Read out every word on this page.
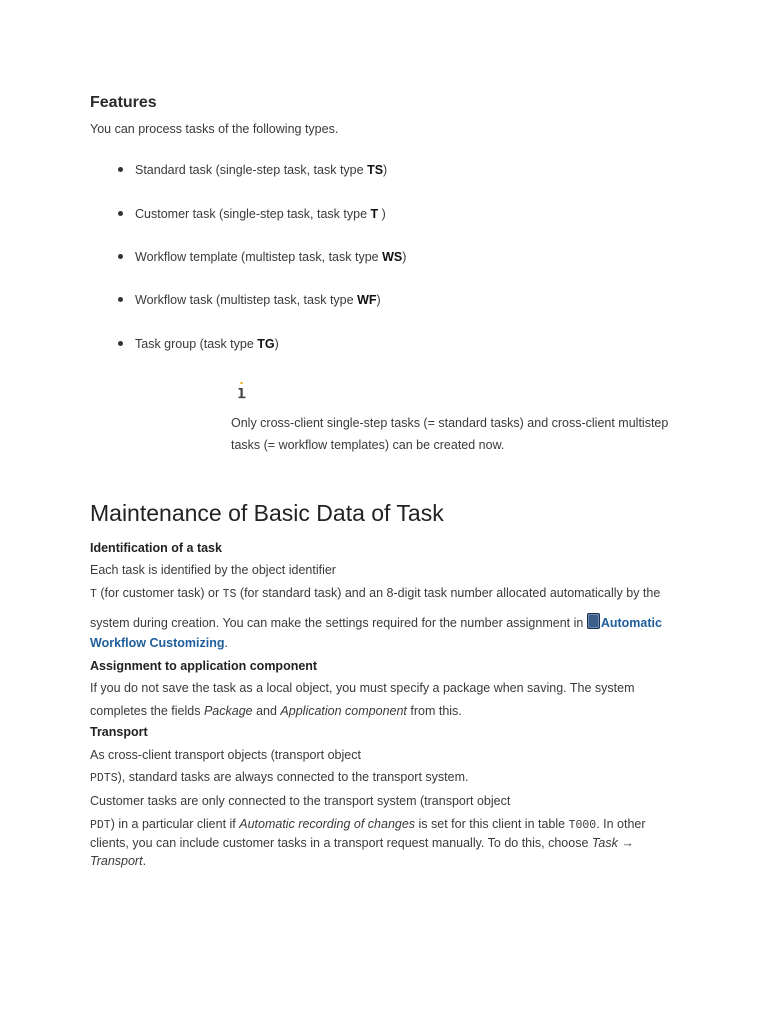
Features
You can process tasks of the following types.
Standard task (single-step task, task type TS)
Customer task (single-step task, task type T )
Workflow template (multistep task, task type WS)
Workflow task (multistep task, task type WF)
Task group (task type TG)
Only cross-client single-step tasks (= standard tasks) and cross-client multistep
tasks (= workflow templates) can be created now.
Maintenance of Basic Data of Task
Identification of a task
Each task is identified by the object identifier
T (for customer task) or TS (for standard task) and an 8-digit task number allocated automatically by the
system during creation. You can make the settings required for the number assignment in Automatic
Workflow Customizing.
Assignment to application component
If you do not save the task as a local object, you must specify a package when saving. The system
completes the fields Package and Application component from this.
Transport
As cross-client transport objects (transport object
PDTS), standard tasks are always connected to the transport system.
Customer tasks are only connected to the transport system (transport object
PDT) in a particular client if Automatic recording of changes is set for this client in table T000. In other
clients, you can include customer tasks in a transport request manually. To do this, choose Task →
Transport.
